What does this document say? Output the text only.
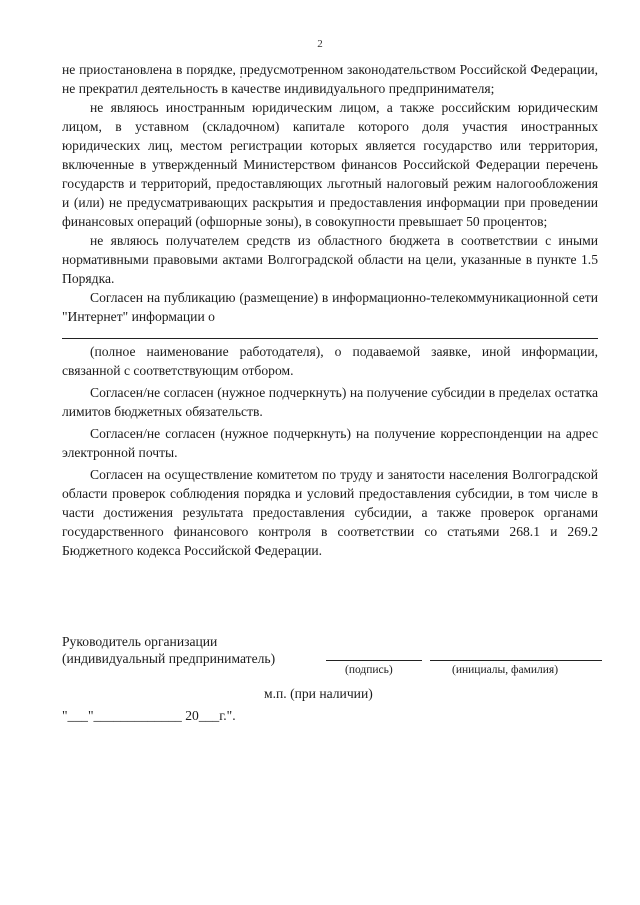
2

не приостановлена в порядке, предусмотренном законодательством Российской Федерации, не прекратил деятельность в качестве индивидуального предпринимателя;

не являюсь иностранным юридическим лицом, а также российским юридическим лицом, в уставном (складочном) капитале которого доля участия иностранных юридических лиц, местом регистрации которых является государство или территория, включенные в утвержденный Министерством финансов Российской Федерации перечень государств и территорий, предоставляющих льготный налоговый режим налогообложения и (или) не предусматривающих раскрытия и предоставления информации при проведении финансовых операций (офшорные зоны), в совокупности превышает 50 процентов;

не являюсь получателем средств из областного бюджета в соответствии с иными нормативными правовыми актами Волгоградской области на цели, указанные в пункте 1.5 Порядка.

Согласен на публикацию (размещение) в информационно-телекоммуникационной сети "Интернет" информации о

(полное наименование работодателя), о подаваемой заявке, иной информации, связанной с соответствующим отбором.

Согласен/не согласен (нужное подчеркнуть) на получение субсидии в пределах остатка лимитов бюджетных обязательств.

Согласен/не согласен (нужное подчеркнуть) на получение корреспонденции на адрес электронной почты.

Согласен на осуществление комитетом по труду и занятости населения Волгоградской области проверок соблюдения порядка и условий предоставления субсидии, в том числе в части достижения результата предоставления субсидии, а также проверок органами государственного финансового контроля в соответствии со статьями 268.1 и 269.2 Бюджетного кодекса Российской Федерации.

Руководитель организации
(индивидуальный предприниматель)
(подпись)	(инициалы, фамилия)
м.п. (при наличии)
"___"_____________ 20___г.".
